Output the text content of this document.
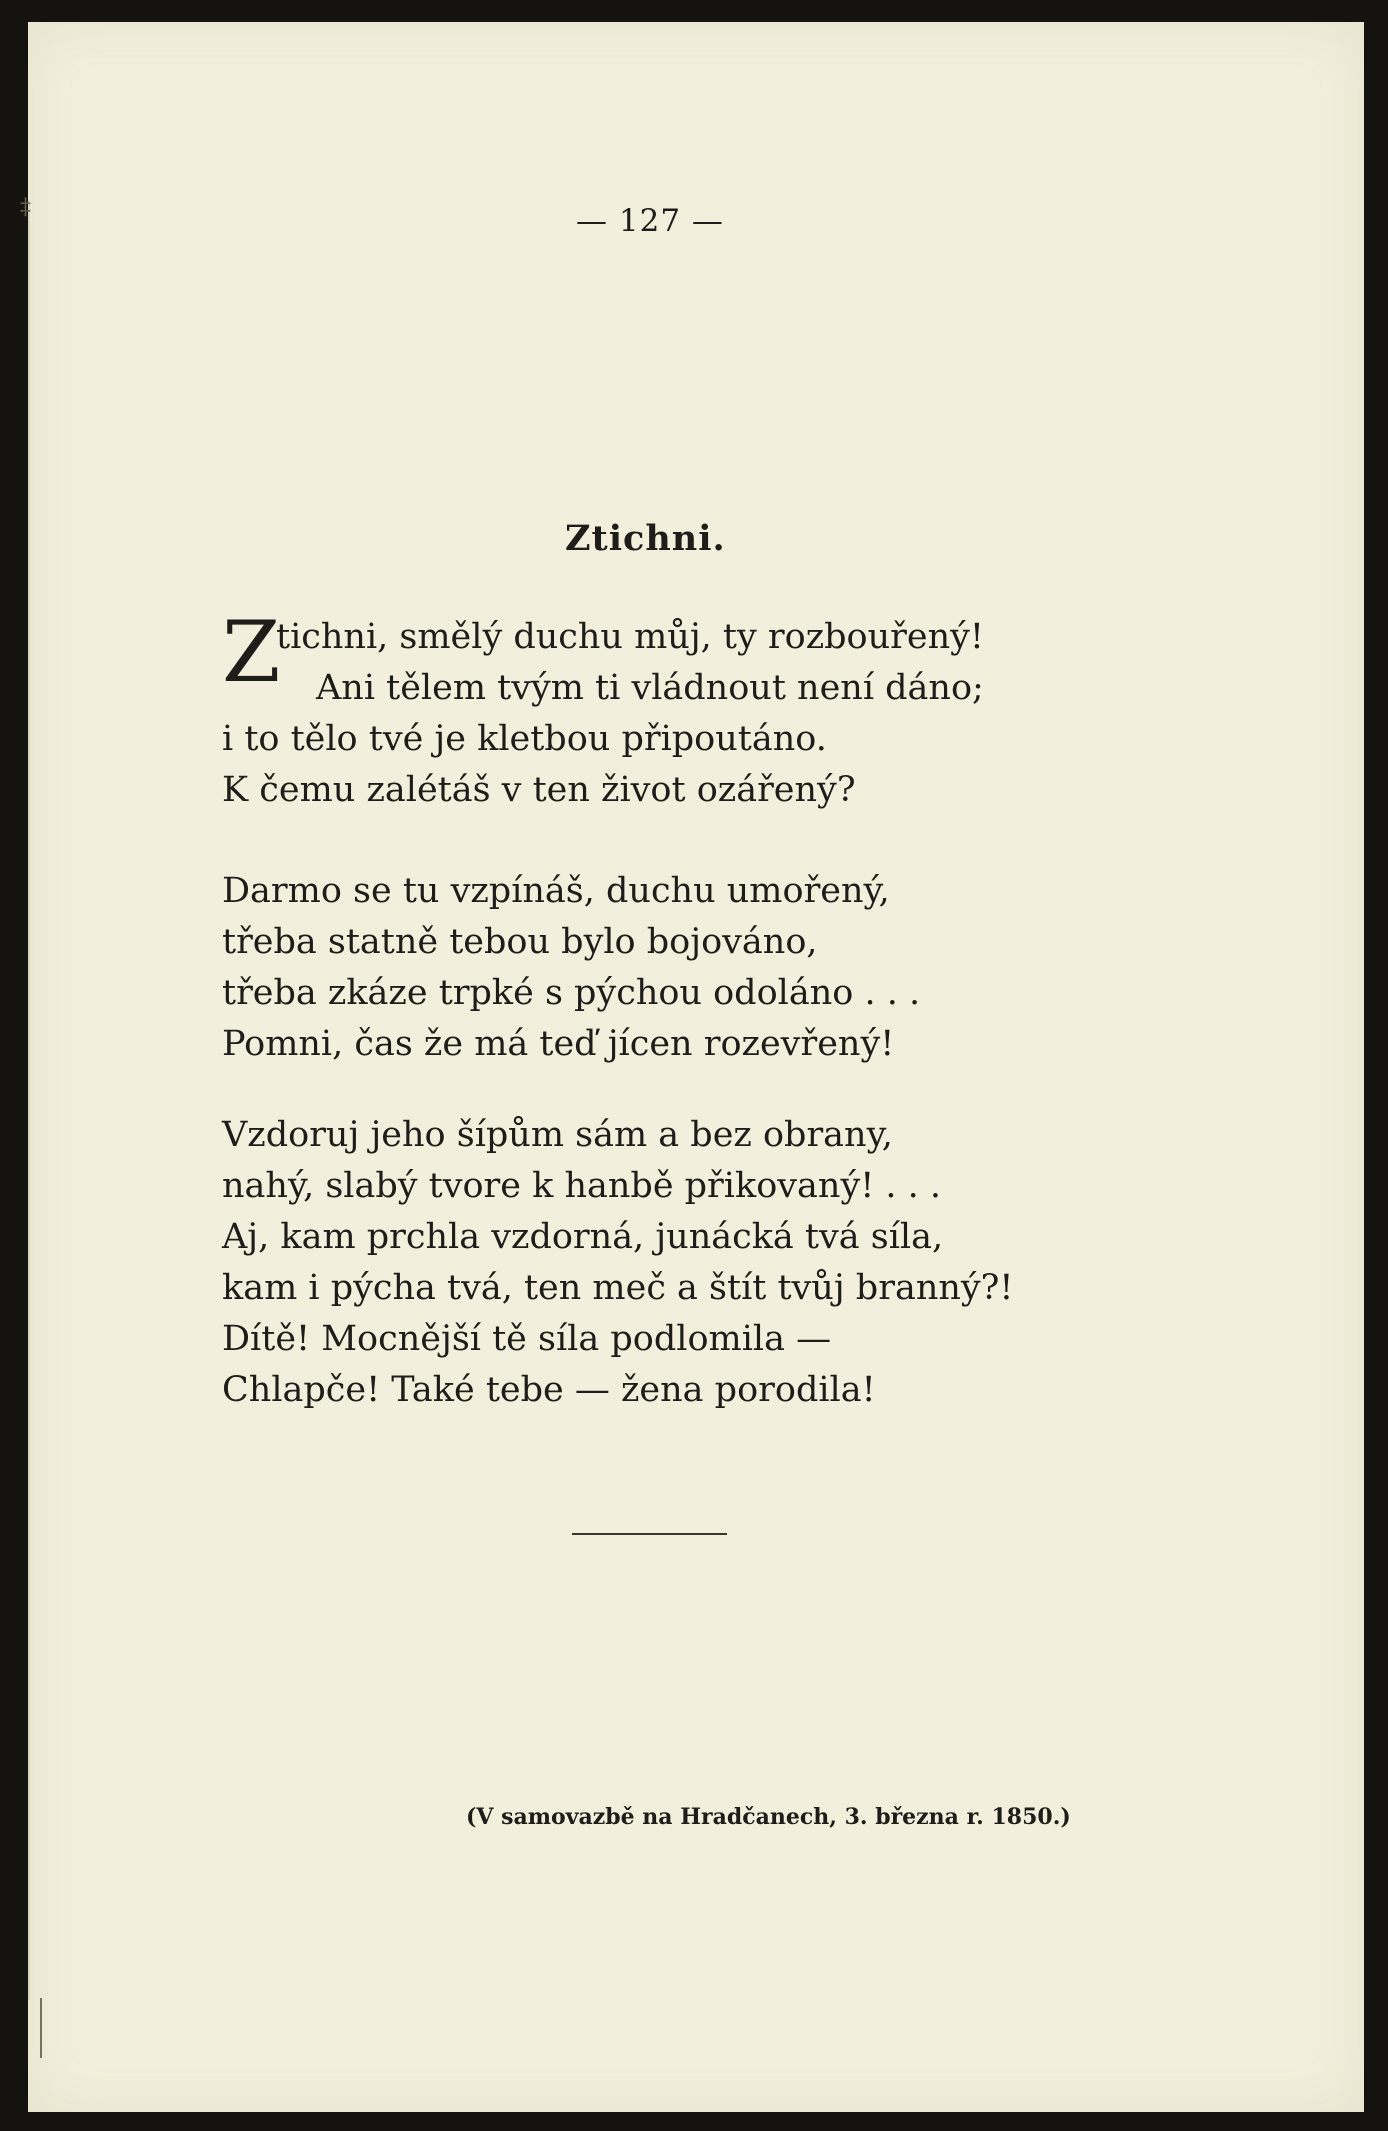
‡	— 127 —
Ztichni.
Z
tichni, smělý duchu můj, ty rozbouřený!
Ani tělem tvým ti vládnout není dáno;
i to tělo tvé je kletbou připoutáno.
K čemu zalétáš v ten život ozářený?
Darmo se tu vzpínáš, duchu umořený,
třeba statně tebou bylo bojováno,
třeba zkáze trpké s pýchou odoláno . . .
Pomni, čas že má teď jícen rozevřený!
Vzdoruj jeho šípům sám a bez obrany,
nahý, slabý tvore k hanbě přikovaný! . . .
Aj, kam prchla vzdorná, junácká tvá síla,
kam i pýcha tvá, ten meč a štít tvůj branný?!
Dítě! Mocnější tě síla podlomila —
Chlapče! Také tebe — žena porodila!
(V samovazbě na Hradčanech, 3. března r. 1850.)
